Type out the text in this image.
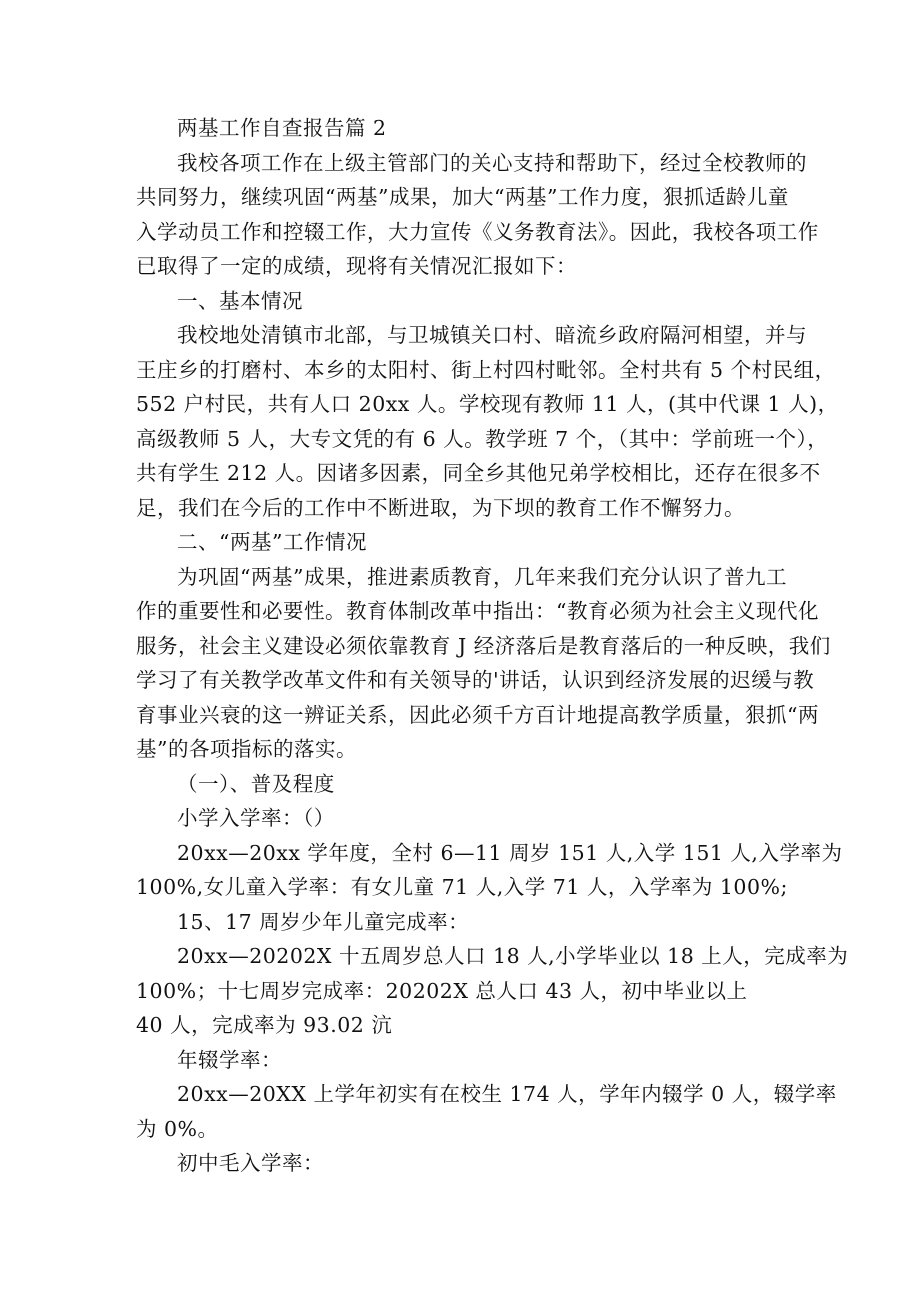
两基工作自查报告篇 2

我校各项工作在上级主管部门的关心支持和帮助下，经过全校教师的

共同努力，继续巩固“两基”成果，加大“两基”工作力度，狠抓适龄儿童

入学动员工作和控辍工作，大力宣传《义务教育法》。因此，我校各项工作

已取得了一定的成绩，现将有关情况汇报如下：

一、基本情况

我校地处清镇市北部，与卫城镇关口村、暗流乡政府隔河相望，并与

王庄乡的打磨村、本乡的太阳村、街上村四村毗邻。全村共有 5 个村民组，

552 户村民，共有人口 20xx 人。学校现有教师 11 人，(其中代课 1 人)，

高级教师 5 人，大专文凭的有 6 人。教学班 7 个，（其中：学前班一个），

共有学生 212 人。因诸多因素，同全乡其他兄弟学校相比，还存在很多不

足，我们在今后的工作中不断进取，为下坝的教育工作不懈努力。

二、“两基”工作情况

为巩固“两基”成果，推进素质教育，几年来我们充分认识了普九工

作的重要性和必要性。教育体制改革中指出：“教育必须为社会主义现代化

服务，社会主义建设必须依靠教育 J 经济落后是教育落后的一种反映，我们

学习了有关教学改革文件和有关领导的'讲话，认识到经济发展的迟缓与教

育事业兴衰的这一辨证关系，因此必须千方百计地提高教学质量，狠抓“两

基”的各项指标的落实。

（一）、普及程度

小学入学率：（）

20xx—20xx 学年度，全村 6—11 周岁 151 人,入学 151 人,入学率为

100%,女儿童入学率：有女儿童 71 人,入学 71 人，入学率为 100%;

15、17 周岁少年儿童完成率：

20xx—20202X 十五周岁总人口 18 人,小学毕业以 18 上人，完成率为

100%；十七周岁完成率：20202X 总人口 43 人，初中毕业以上

40 人，完成率为 93.02 沆

年辍学率：

20xx—20XX 上学年初实有在校生 174 人，学年内辍学 0 人，辍学率

为 0%。

初中毛入学率：
